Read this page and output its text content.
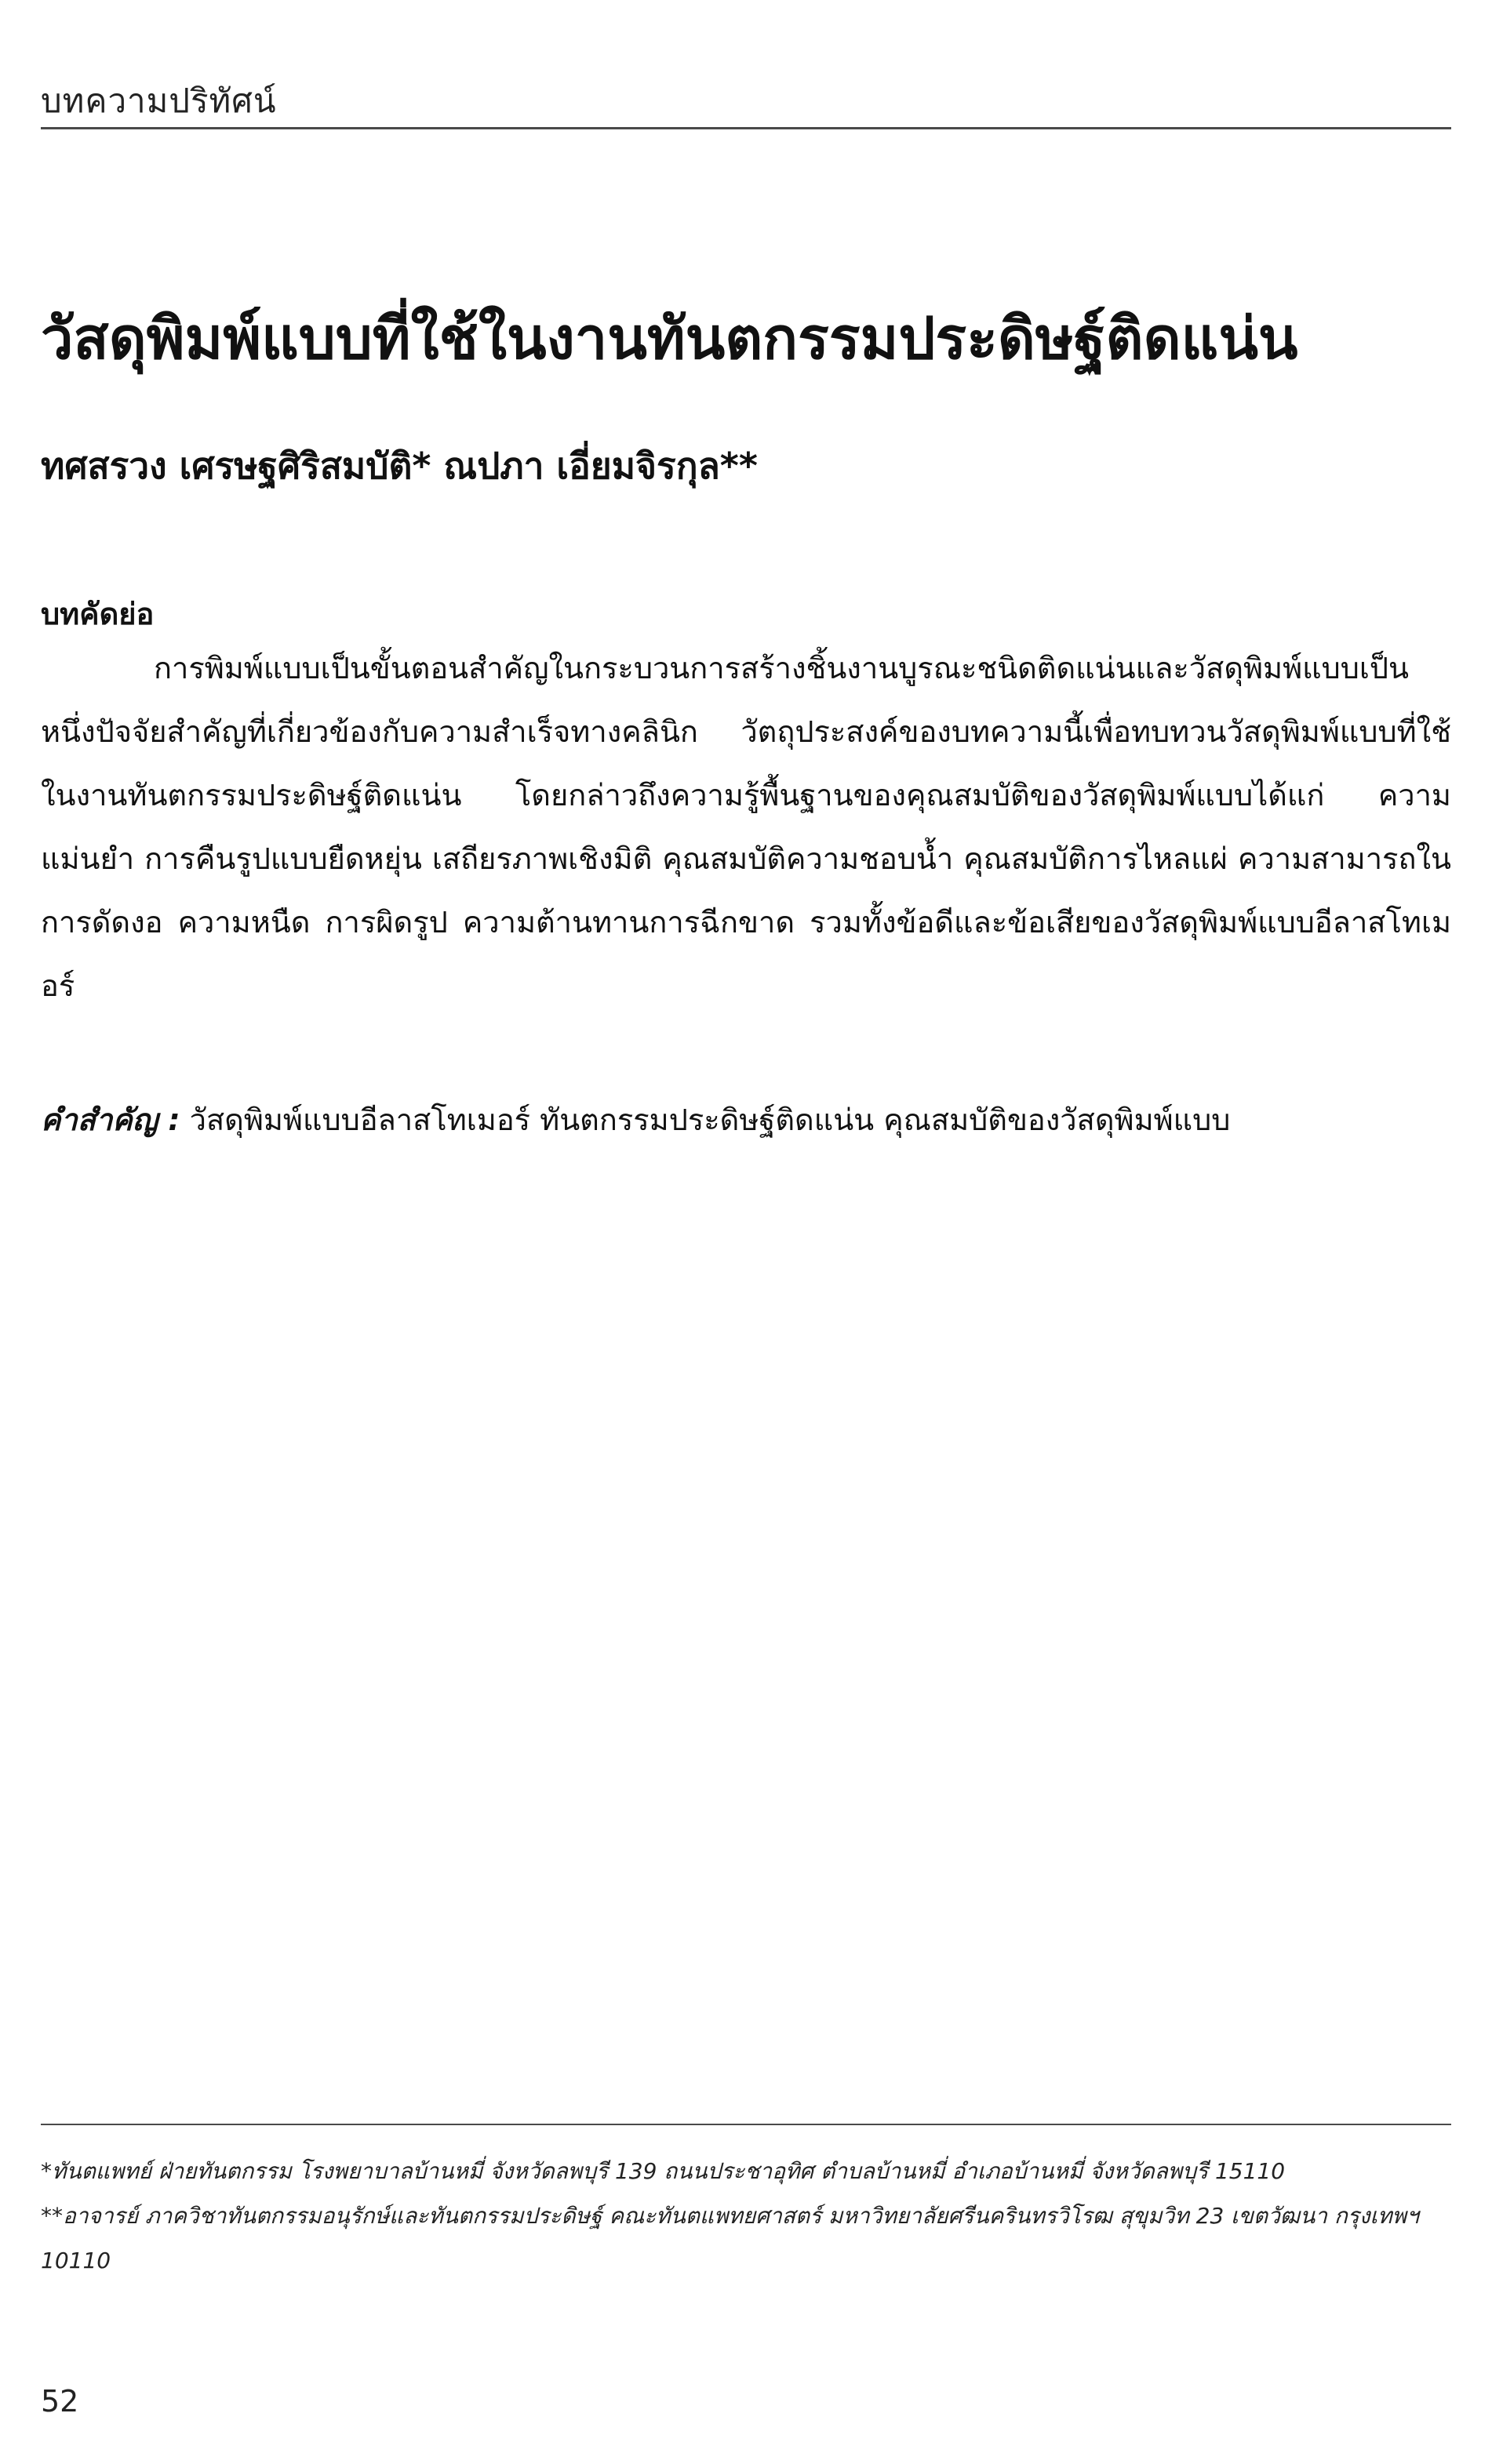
บทความปริทัศน์
วัสดุพิมพ์แบบที่ใช้ในงานทันตกรรมประดิษฐ์ติดแน่น
ทศสรวง เศรษฐศิริสมบัติ* ณปภา เอี่ยมจิรกุล**
บทคัดย่อ

การพิมพ์แบบเป็นขั้นตอนสำคัญในกระบวนการสร้างชิ้นงานบูรณะชนิดติดแน่นและวัสดุพิมพ์แบบเป็นหนึ่งปัจจัยสำคัญที่เกี่ยวข้องกับความสำเร็จทางคลินิก วัตถุประสงค์ของบทความนี้เพื่อทบทวนวัสดุพิมพ์แบบที่ใช้ในงานทันตกรรมประดิษฐ์ติดแน่น โดยกล่าวถึงความรู้พื้นฐานของคุณสมบัติของวัสดุพิมพ์แบบได้แก่ ความแม่นยำ การคืนรูปแบบยืดหยุ่น เสถียรภาพเชิงมิติ คุณสมบัติความชอบน้ำ คุณสมบัติการไหลแผ่ ความสามารถในการดัดงอ ความหนืด การผิดรูป ความต้านทานการฉีกขาด รวมทั้งข้อดีและข้อเสียของวัสดุพิมพ์แบบอีลาสโทเมอร์

คำสำคัญ : วัสดุพิมพ์แบบอีลาสโทเมอร์ ทันตกรรมประดิษฐ์ติดแน่น คุณสมบัติของวัสดุพิมพ์แบบ
*ทันตแพทย์ ฝ่ายทันตกรรม โรงพยาบาลบ้านหมี่ จังหวัดลพบุรี 139 ถนนประชาอุทิศ ตำบลบ้านหมี่ อำเภอบ้านหมี่ จังหวัดลพบุรี 15110
**อาจารย์ ภาควิชาทันตกรรมอนุรักษ์และทันตกรรมประดิษฐ์ คณะทันตแพทยศาสตร์ มหาวิทยาลัยศรีนครินทรวิโรฒ สุขุมวิท 23 เขตวัฒนา กรุงเทพฯ 10110
52
